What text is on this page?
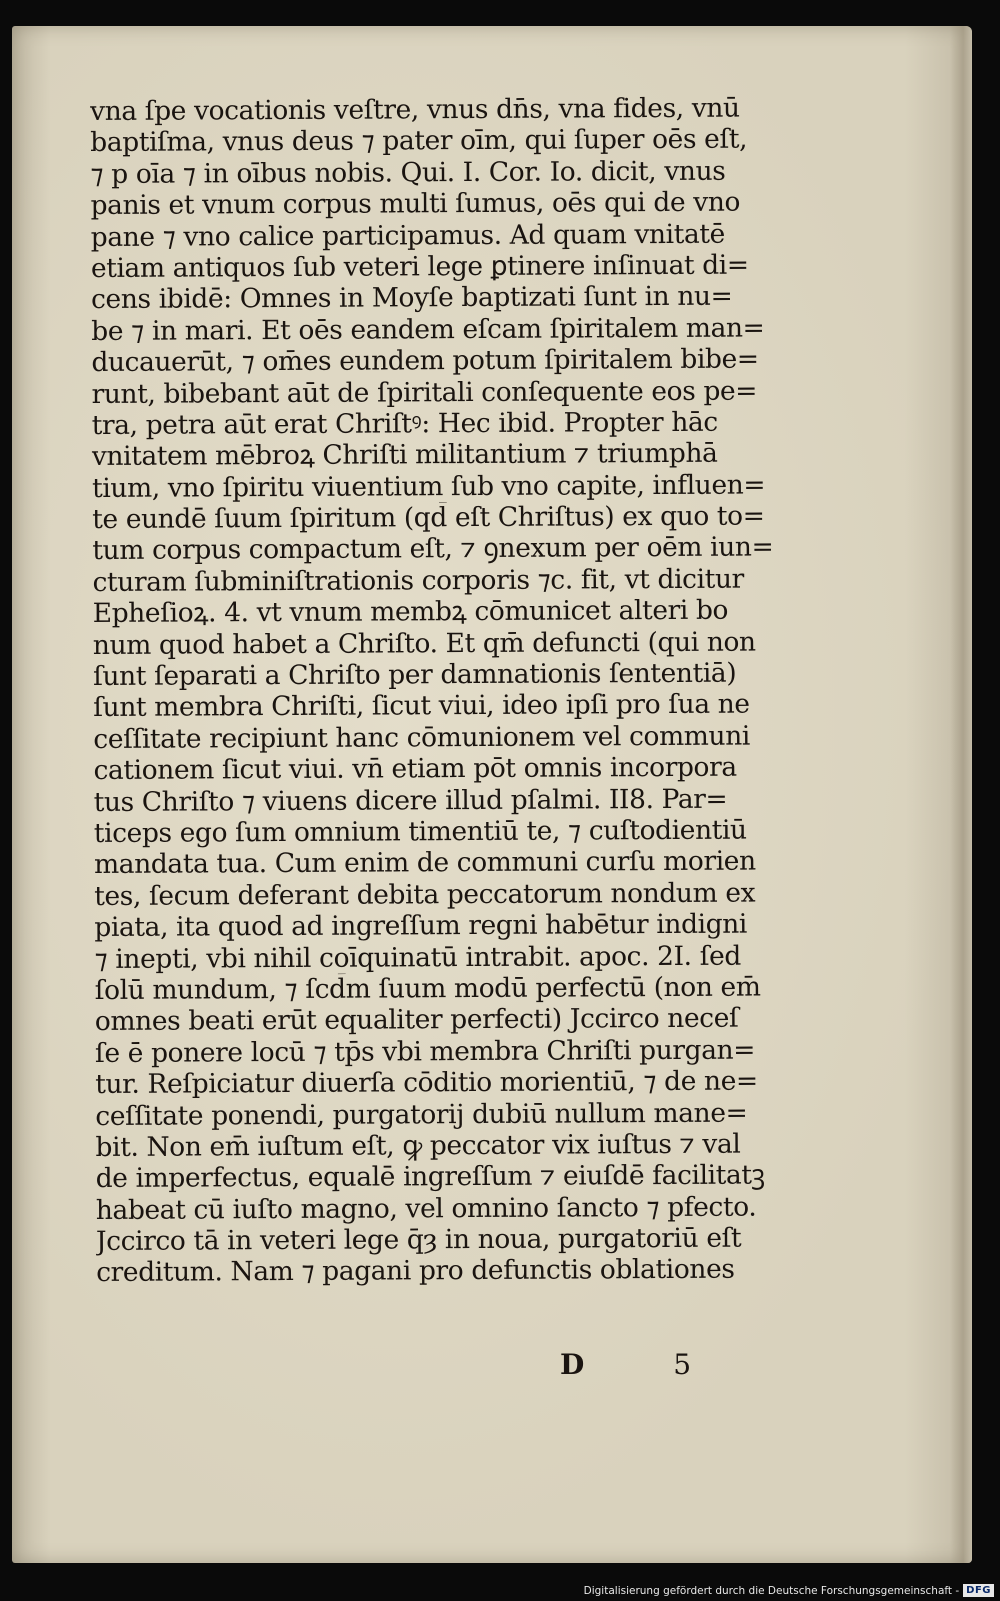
vna ſpe vocationis veſtre, vnus dn̄s, vna fides, vnū
baptiſma, vnus deus ⁊ pater oīm, qui ſuper oēs eſt,
⁊ p oīa ⁊ in oībus nobis. Qui. I. Cor. Io. dicit, vnus
panis et vnum corpus multi ſumus, oēs qui de vno
pane ⁊ vno calice participamus. Ad quam vnitatē
etiam antiquos ſub veteri lege ꝑtinere inſinuat di=
cens ibidē: Omnes in Moyſe baptizati ſunt in nu=
be ⁊ in mari. Et oēs eandem eſcam ſpiritalem man=
ducauerūt, ⁊ om̄es eundem potum ſpiritalem bibe=
runt, bibebant aūt de ſpiritali conſequente eos pe=
tra, petra aūt erat Chriſtꝰ: Hec ibid. Propter hāc
vnitatem mēbroꝝ Chriſti militantium ⁊ triumphā
tium, vno ſpiritu viuentium ſub vno capite, influen=
te eundē ſuum ſpiritum (qd̄ eſt Chriſtus) ex quo to=
tum corpus compactum eſt, ⁊ ꝯnexum per oēm iun=
cturam ſubminiſtrationis corporis ⁊c. fit, vt dicitur
Epheſioꝝ. 4. vt vnum membꝝ cōmunicet alteri bo
num quod habet a Chriſto. Et qm̄ defuncti (qui non
ſunt ſeparati a Chriſto per damnationis ſententiā)
ſunt membra Chriſti, ſicut viui, ideo ipſi pro ſua ne
ceſſitate recipiunt hanc cōmunionem vel communi
cationem ſicut viui. vn̄ etiam pōt omnis incorpora
tus Chriſto ⁊ viuens dicere illud pſalmi. II8. Par=
ticeps ego ſum omnium timentiū te, ⁊ cuſtodientiū
mandata tua. Cum enim de communi curſu morien
tes, ſecum deferant debita peccatorum nondum ex
piata, ita quod ad ingreſſum regni habētur indigni
⁊ inepti, vbi nihil coīquinatū intrabit. apoc. 2I. ſed
ſolū mundum, ⁊ ſcd̄m ſuum modū perfectū (non em̄
omnes beati erūt equaliter perfecti) Jccirco neceſ
ſe ē ponere locū ⁊ tp̄s vbi membra Chriſti purgan=
tur. Reſpiciatur diuerſa cōditio morientiū, ⁊ de ne=
ceſſitate ponendi, purgatorij dubiū nullum mane=
bit. Non em̄ iuſtum eſt, ꝙ peccator vix iuſtus ⁊ val
de imperfectus, equalē ingreſſum ⁊ eiuſdē facilitatꝫ
habeat cū iuſto magno, vel omnino ſancto ⁊ pfecto.
Jccirco tā in veteri lege q̄ȝ in noua, purgatoriū eſt
creditum. Nam ⁊ pagani pro defunctis oblationes
D	5
Digitalisierung gefördert durch die Deutsche Forschungsgemeinschaft - DFG
